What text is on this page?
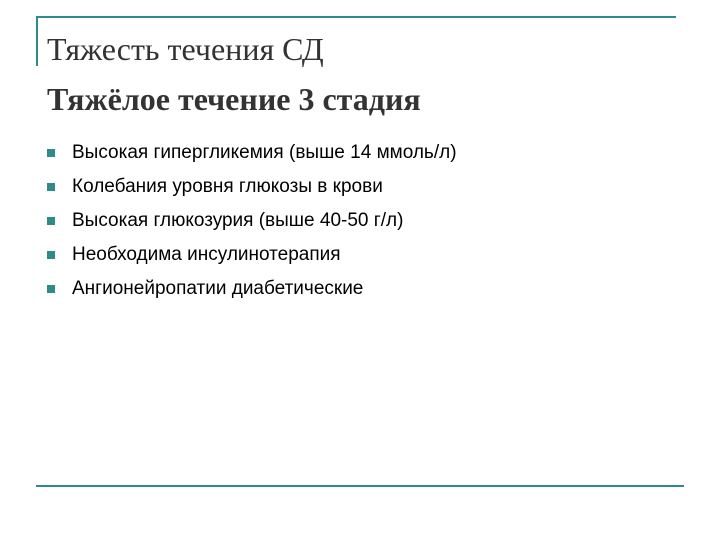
Тяжесть течения СД
Тяжёлое течение 3 стадия
Высокая гипергликемия (выше 14 ммоль/л)
Колебания уровня глюкозы в крови
Высокая глюкозурия (выше 40-50 г/л)
Необходима инсулинотерапия
Ангионейропатии диабетические
